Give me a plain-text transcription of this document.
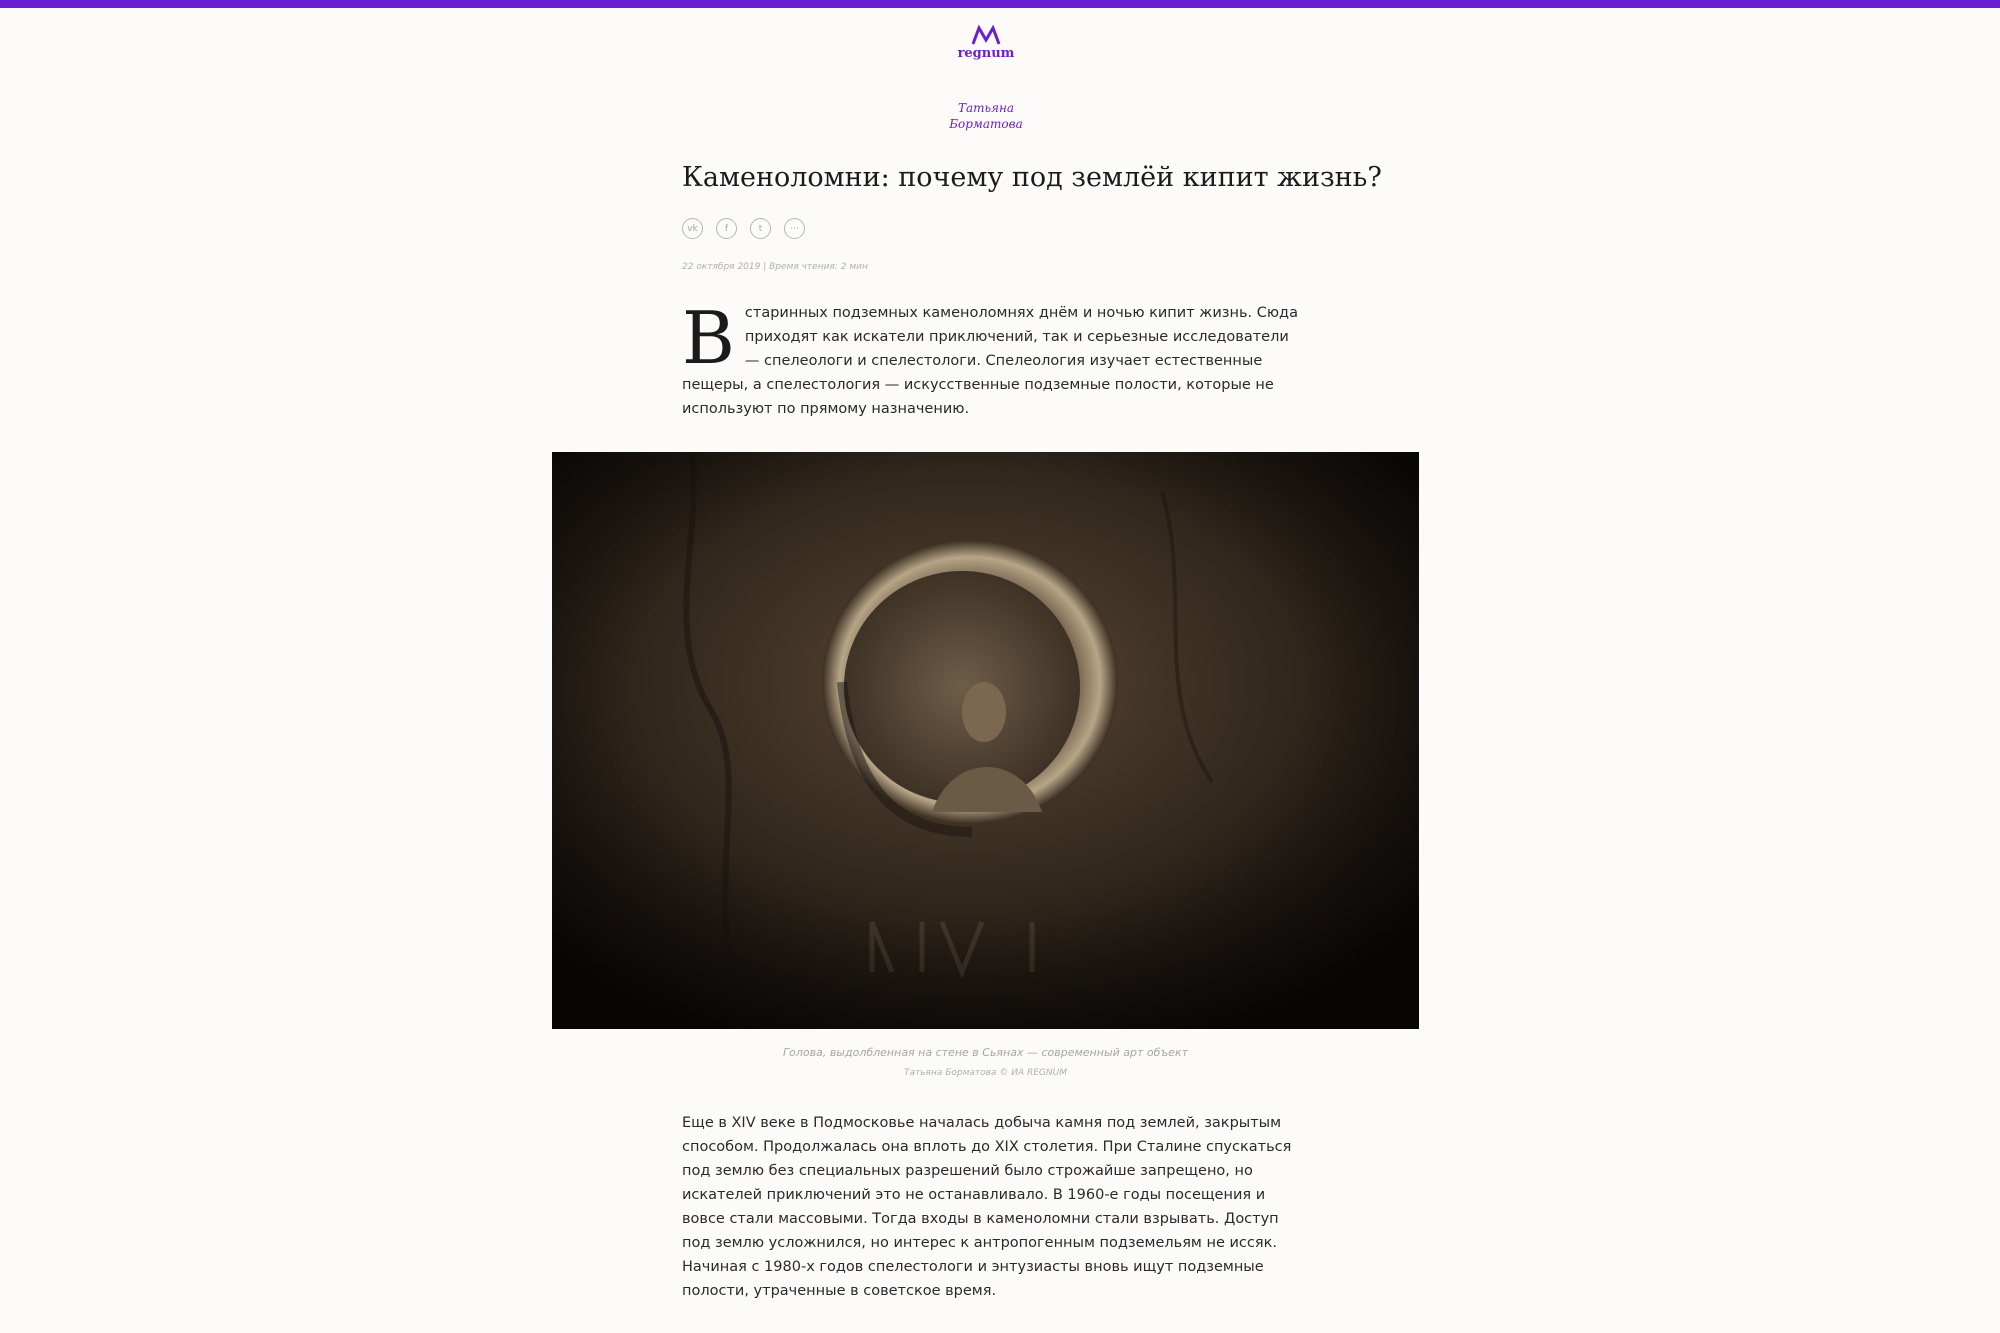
regnum
Татьяна
Борматова
Каменоломни: почему под землёй кипит жизнь?
vk	f	t	···
22 октября 2019 | Время чтения: 2 мин
В старинных подземных каменоломнях днём и ночью кипит жизнь. Сюда приходят как искатели приключений, так и серьезные исследователи — спелеологи и спелестологи. Спелеология изучает естественные пещеры, а спелестология — искусственные подземные полости, которые не используют по прямому назначению.
Голова, выдолбленная на стене в Сьянах — современный арт объект
Татьяна Борматова © ИА REGNUM

Еще в XIV веке в Подмосковье началась добыча камня под землей, закрытым способом. Продолжалась она вплоть до XIX столетия. При Сталине спускаться под землю без специальных разрешений было строжайше запрещено, но искателей приключений это не останавливало. В 1960-е годы посещения и вовсе стали массовыми. Тогда входы в каменоломни стали взрывать. Доступ под землю усложнился, но интерес к антропогенным подземельям не иссяк. Начиная с 1980-х годов спелестологи и энтузиасты вновь ищут подземные полости, утраченные в советское время.
